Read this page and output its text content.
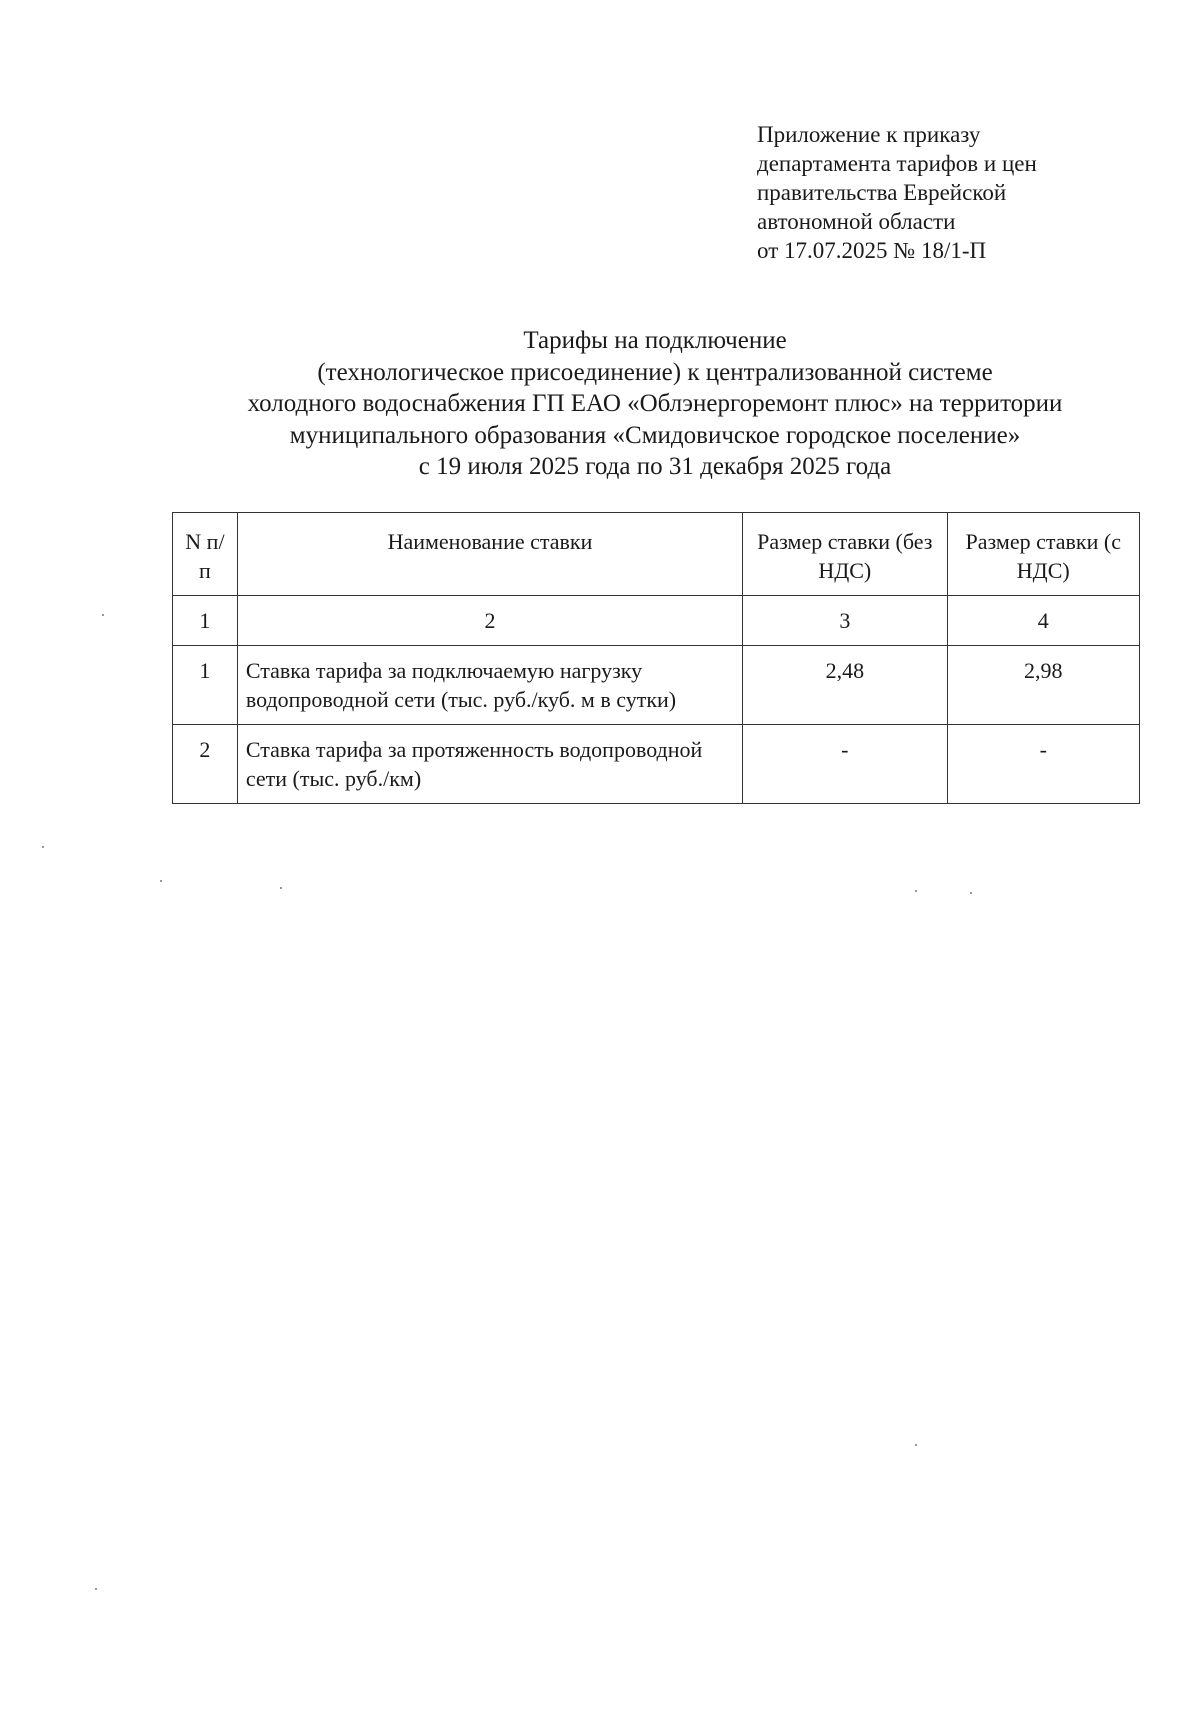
Приложение к приказу
департамента тарифов и цен
правительства Еврейской
автономной области
от 17.07.2025 № 18/1-П
Тарифы на подключение
(технологическое присоединение) к централизованной системе
холодного водоснабжения ГП ЕАО «Облэнергоремонт плюс» на территории
муниципального образования «Смидовичское городское поселение»
с 19 июля 2025 года по 31 декабря 2025 года
N п/п	Наименование ставки	Размер ставки (без НДС)	Размер ставки (с НДС)
1	2	3	4
1	Ставка тарифа за подключаемую нагрузку водопроводной сети (тыс. руб./куб. м в сутки)	2,48	2,98
2	Ставка тарифа за протяженность водопроводной сети (тыс. руб./км)	-	-
